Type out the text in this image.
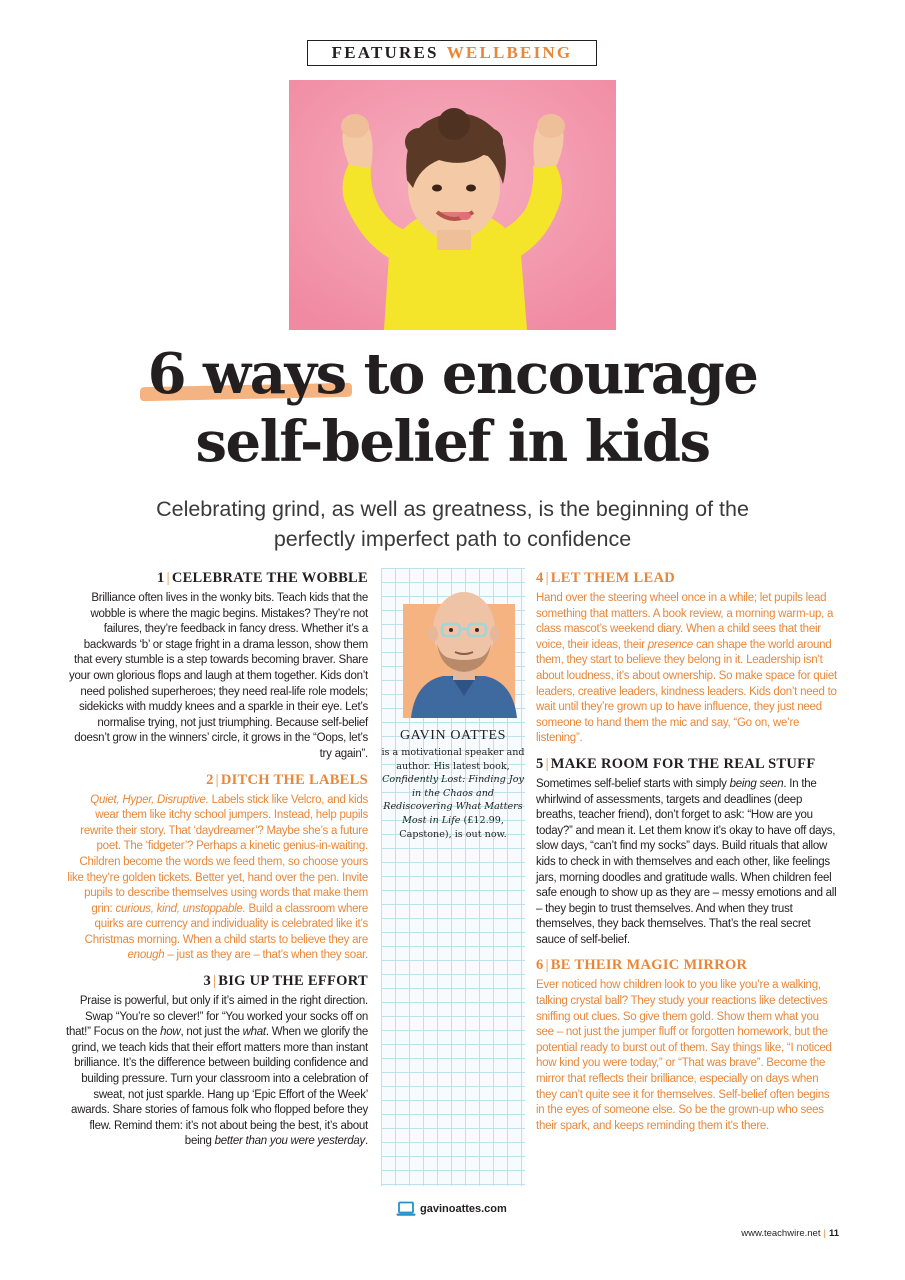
FEATURES WELLBEING
6 ways to encourage
self-belief in kids
Celebrating grind, as well as greatness, is the beginning of the perfectly imperfect path to confidence
1 | CELEBRATE THE WOBBLE

Brilliance often lives in the wonky bits. Teach kids that the wobble is where the magic begins. Mistakes? They’re not failures, they’re feedback in fancy dress. Whether it’s a backwards ‘b’ or stage fright in a drama lesson, show them that every stumble is a step towards becoming braver. Share your own glorious flops and laugh at them together. Kids don’t need polished superheroes; they need real-life role models; sidekicks with muddy knees and a sparkle in their eye. Let’s normalise trying, not just triumphing. Because self-belief doesn’t grow in the winners’ circle, it grows in the “Oops, let’s try again”.

2 | DITCH THE LABELS

Quiet, Hyper, Disruptive. Labels stick like Velcro, and kids wear them like itchy school jumpers. Instead, help pupils rewrite their story. That ‘daydreamer’? Maybe she’s a future poet. The ‘fidgeter’? Perhaps a kinetic genius-in-waiting. Children become the words we feed them, so choose yours like they’re golden tickets. Better yet, hand over the pen. Invite pupils to describe themselves using words that make them grin: curious, kind, unstoppable. Build a classroom where quirks are currency and individuality is celebrated like it’s Christmas morning. When a child starts to believe they are enough – just as they are – that’s when they soar.

3 | BIG UP THE EFFORT

Praise is powerful, but only if it’s aimed in the right direction. Swap “You’re so clever!” for “You worked your socks off on that!” Focus on the how, not just the what. When we glorify the grind, we teach kids that their effort matters more than instant brilliance. It’s the difference between building confidence and building pressure. Turn your classroom into a celebration of sweat, not just sparkle. Hang up ‘Epic Effort of the Week’ awards. Share stories of famous folk who flopped before they flew. Remind them: it’s not about being the best, it’s about being better than you were yesterday.

GAVIN OATTES
is a motivational speaker and author. His latest book, Confidently Lost: Finding Joy in the Chaos and Rediscovering What Matters Most in Life (£12.99, Capstone), is out now.
4 | LET THEM LEAD

Hand over the steering wheel once in a while; let pupils lead something that matters. A book review, a morning warm-up, a class mascot’s weekend diary. When a child sees that their voice, their ideas, their presence can shape the world around them, they start to believe they belong in it. Leadership isn’t about loudness, it’s about ownership. So make space for quiet leaders, creative leaders, kindness leaders. Kids don’t need to wait until they’re grown up to have influence, they just need someone to hand them the mic and say, “Go on, we’re listening”.

5 | MAKE ROOM FOR THE REAL STUFF

Sometimes self-belief starts with simply being seen. In the whirlwind of assessments, targets and deadlines (deep breaths, teacher friend), don’t forget to ask: “How are you today?” and mean it. Let them know it’s okay to have off days, slow days, “can’t find my socks” days. Build rituals that allow kids to check in with themselves and each other, like feelings jars, morning doodles and gratitude walls. When children feel safe enough to show up as they are – messy emotions and all – they begin to trust themselves. And when they trust themselves, they back themselves. That’s the real secret sauce of self-belief.

6 | BE THEIR MAGIC MIRROR

Ever noticed how children look to you like you’re a walking, talking crystal ball? They study your reactions like detectives sniffing out clues. So give them gold. Show them what you see – not just the jumper fluff or forgotten homework, but the potential ready to burst out of them. Say things like, “I noticed how kind you were today,” or “That was brave”. Become the mirror that reflects their brilliance, especially on days when they can’t quite see it for themselves. Self-belief often begins in the eyes of someone else. So be the grown-up who sees their spark, and keeps reminding them it’s there.

gavinoattes.com
www.teachwire.net | 11
